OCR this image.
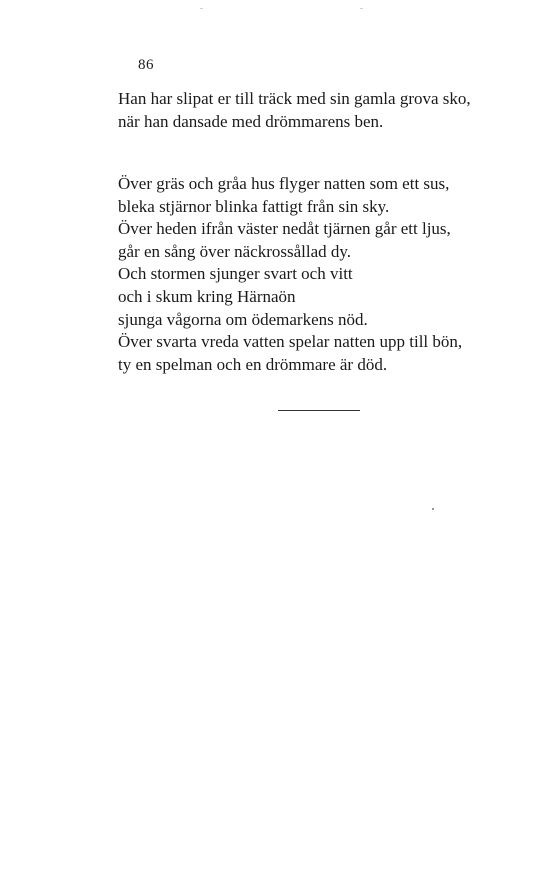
86
Han har slipat er till träck med sin gamla grova sko,
när han dansade med drömmarens ben.
Över gräs och gråa hus flyger natten som ett sus,
bleka stjärnor blinka fattigt från sin sky.
Över heden ifrån väster nedåt tjärnen går ett ljus,
går en sång över näckrossållad dy.
Och stormen sjunger svart och vitt
och i skum kring Härnaön
sjunga vågorna om ödemarkens nöd.
Över svarta vreda vatten spelar natten upp till bön,
ty en spelman och en drömmare är död.
